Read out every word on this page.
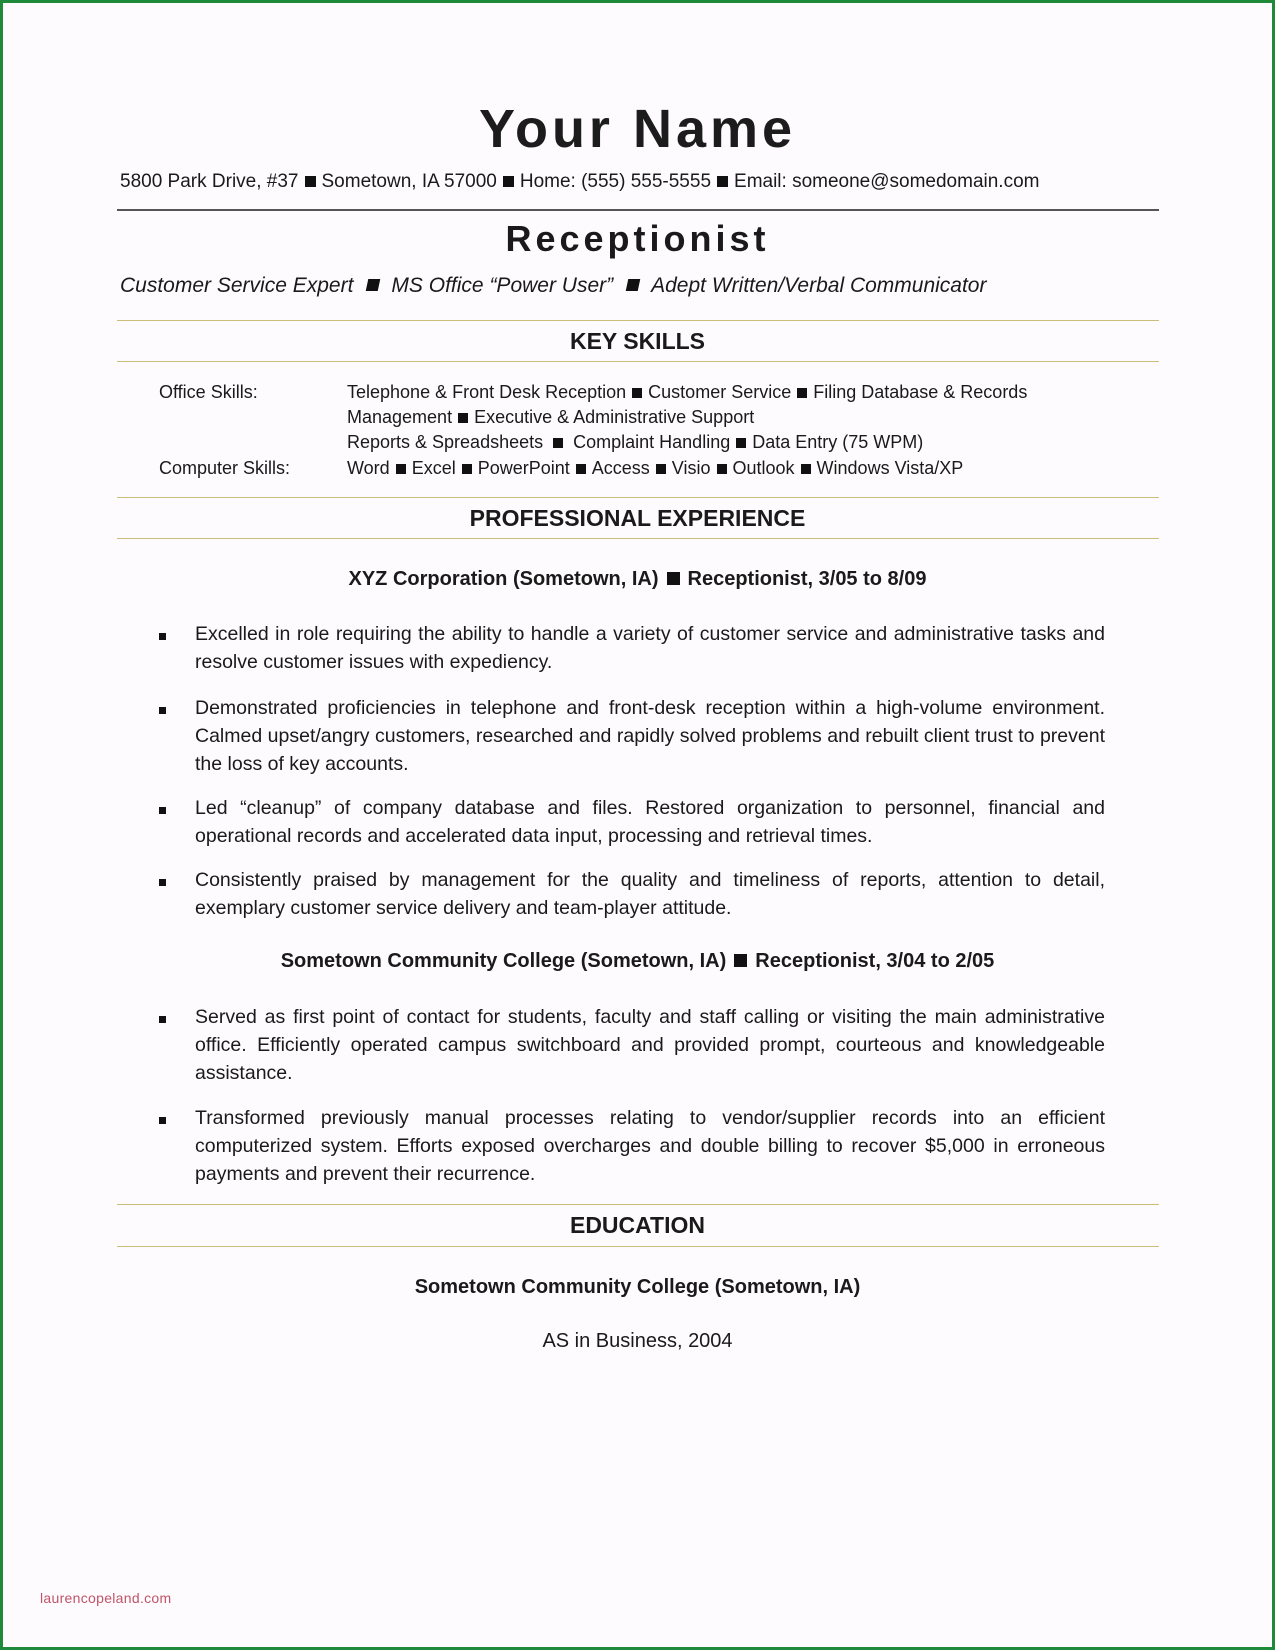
Your Name
5800 Park Drive, #37 Sometown, IA 57000 Home: (555) 555-5555 Email: someone@somedomain.com
Receptionist
Customer Service Expert MS Office “Power User” Adept Written/Verbal Communicator
KEY SKILLS
Office Skills:	Telephone & Front Desk Reception Customer Service Filing Database & Records
Management Executive & Administrative Support
Reports & Spreadsheets Complaint Handling Data Entry (75 WPM)
Computer Skills:	Word Excel PowerPoint Access Visio Outlook Windows Vista/XP
PROFESSIONAL EXPERIENCE
XYZ Corporation (Sometown, IA) Receptionist, 3/05 to 8/09
Excelled in role requiring the ability to handle a variety of customer service and administrative tasks and resolve customer issues with expediency.
Demonstrated proficiencies in telephone and front-desk reception within a high-volume environment. Calmed upset/angry customers, researched and rapidly solved problems and rebuilt client trust to prevent the loss of key accounts.
Led “cleanup” of company database and files. Restored organization to personnel, financial and operational records and accelerated data input, processing and retrieval times.
Consistently praised by management for the quality and timeliness of reports, attention to detail, exemplary customer service delivery and team-player attitude.
Sometown Community College (Sometown, IA) Receptionist, 3/04 to 2/05
Served as first point of contact for students, faculty and staff calling or visiting the main administrative office. Efficiently operated campus switchboard and provided prompt, courteous and knowledgeable assistance.
Transformed previously manual processes relating to vendor/supplier records into an efficient computerized system. Efforts exposed overcharges and double billing to recover $5,000 in erroneous payments and prevent their recurrence.
EDUCATION
Sometown Community College (Sometown, IA)
AS in Business, 2004
laurencopeland.com
